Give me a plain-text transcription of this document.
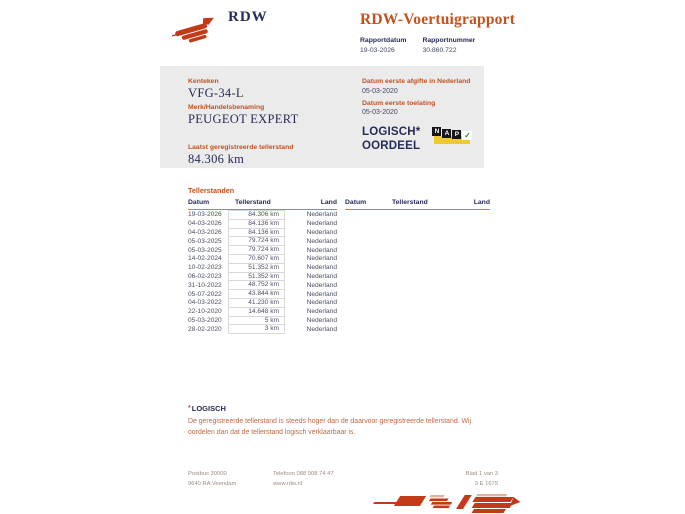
RDW	RDW-Voertuigrapport
Rapportdatum
19-03-2026
Rapportnummer
30.860.722
Kenteken
VFG-34-L
Merk/Handelsbenaming
PEUGEOT EXPERT
Laatst geregistreerde tellerstand
84.306 km
Datum eerste afgifte in Nederland
05-03-2020
Datum eerste toelating
05-03-2020
LOGISCH*
OORDEEL
N A P ✓
Tellerstanden
Datum	Tellerstand	Land
19-03-2026	84.306 km	Nederland
04-03-2026	84.136 km	Nederland
04-03-2026	84.136 km	Nederland
05-03-2025	79.724 km	Nederland
05-03-2025	79.724 km	Nederland
14-02-2024	70.607 km	Nederland
10-02-2023	51.352 km	Nederland
06-02-2023	51.352 km	Nederland
31-10-2022	48.752 km	Nederland
05-07-2022	43.844 km	Nederland
04-03-2022	41.230 km	Nederland
22-10-2020	14.648 km	Nederland
05-03-2020	5 km	Nederland
28-02-2020	3 km	Nederland
Datum	Tellerstand	Land
*LOGISCH
De geregistreerde tellerstand is steeds hoger dan de daarvoor geregistreerde tellerstand. Wij oordelen dan dat de tellerstand logisch verklaarbaar is.
Postbus 30000
9640 RA Veendam
Telefoon 088 008 74 47
www.rdw.nl
Blad 1 van 3
3 E 1679
